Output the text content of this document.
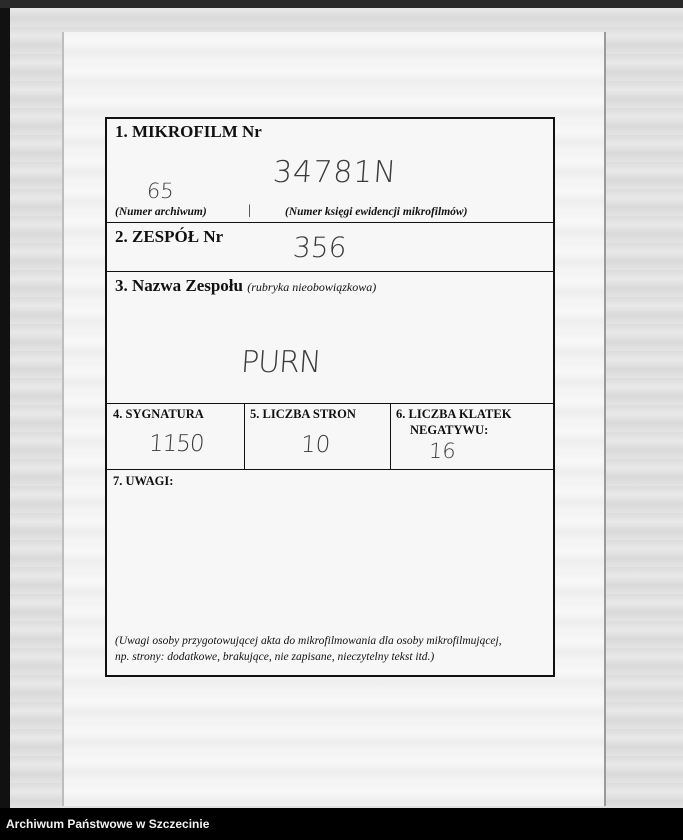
1. MIKROFILM Nr
34781N
65
(Numer archiwum)	|	(Numer księgi ewidencji mikrofilmów)
2. ZESPÓŁ Nr 356
3. Nazwa Zespołu (rubryka nieobowiązkowa)
PURN
4. SYGNATURA
1150
5. LICZBA STRON
10
6. LICZBA KLATEK
NEGATYWU:
16
7. UWAGI:
(Uwagi osoby przygotowującej akta do mikrofilmowania dla osoby mikrofilmującej,
np. strony: dodatkowe, brakujące, nie zapisane, nieczytelny tekst itd.)
Archiwum Państwowe w Szczecinie
